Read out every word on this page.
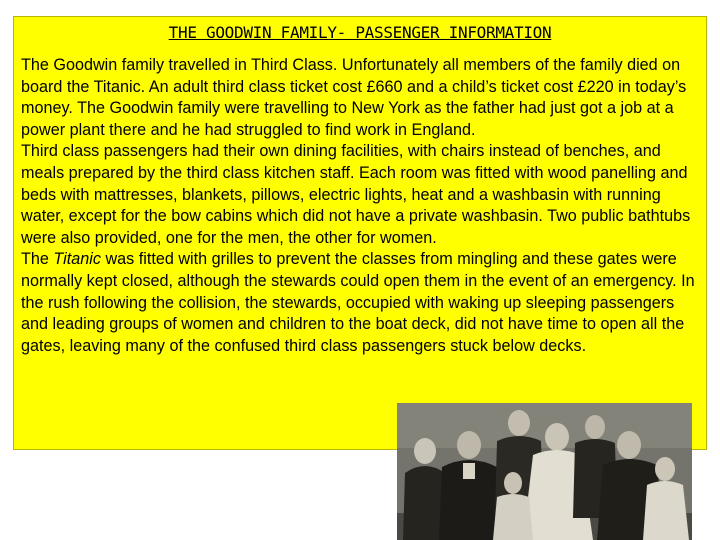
THE GOODWIN FAMILY- PASSENGER INFORMATION

The Goodwin family travelled in Third Class. Unfortunately all members of the family died on board the Titanic. An adult third class ticket cost £660 and a child’s ticket cost £220 in today’s money. The Goodwin family were travelling to New York as the father had just got a job at a power plant there and he had struggled to find work in England.

Third class passengers had their own dining facilities, with chairs instead of benches, and meals prepared by the third class kitchen staff. Each room was fitted with wood panelling and beds with mattresses, blankets, pillows, electric lights, heat and a washbasin with running water, except for the bow cabins which did not have a private washbasin. Two public bathtubs were also provided, one for the men, the other for women.

The Titanic was fitted with grilles to prevent the classes from mingling and these gates were normally kept closed, although the stewards could open them in the event of an emergency. In the rush following the collision, the stewards, occupied with waking up sleeping passengers and leading groups of women and children to the boat deck, did not have time to open all the gates, leaving many of the confused third class passengers stuck below decks.
